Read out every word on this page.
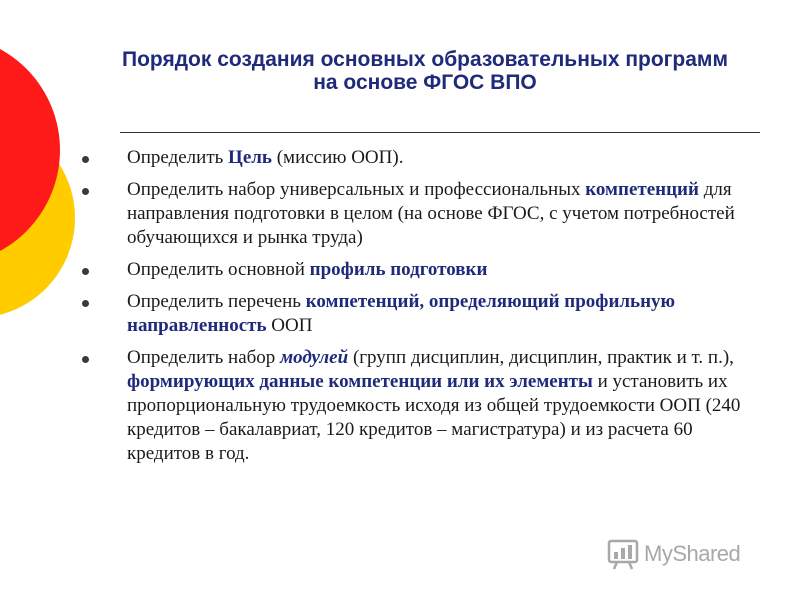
Порядок создания основных образовательных программ на основе ФГОС ВПО
Определить Цель (миссию ООП).
Определить набор универсальных и профессиональных компетенций для направления подготовки в целом (на основе ФГОС, с учетом потребностей обучающихся и рынка труда)
Определить основной профиль подготовки
Определить перечень компетенций, определяющий профильную направленность ООП
Определить набор модулей (групп дисциплин, дисциплин, практик и т. п.), формирующих данные компетенции или их элементы и установить их пропорциональную трудоемкость исходя из общей трудоемкости ООП (240 кредитов – бакалавриат, 120 кредитов – магистратура) и из расчета 60 кредитов в год.
MyShared
